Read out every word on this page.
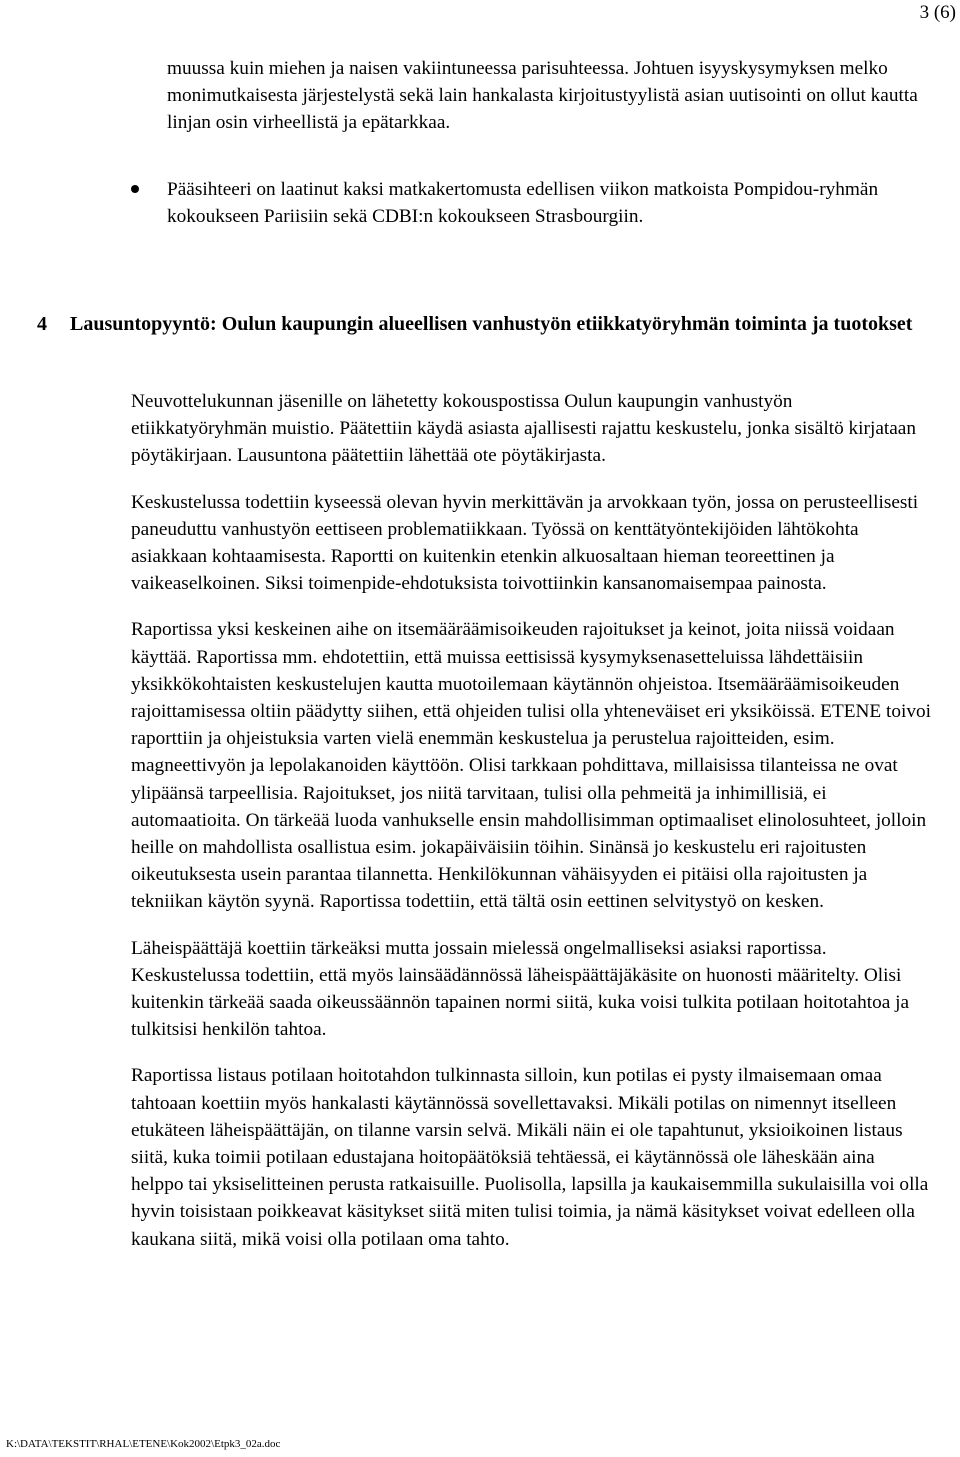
3 (6)

muussa kuin miehen ja naisen vakiintuneessa parisuhteessa. Johtuen isyyskysymyksen melko monimutkaisesta järjestelystä sekä lain hankalasta kirjoitustyylistä asian uutisointi on ollut kautta linjan osin virheellistä ja epätarkkaa.

Pääsihteeri on laatinut kaksi matkakertomusta edellisen viikon matkoista Pompidou-ryhmän kokoukseen Pariisiin sekä CDBI:n kokoukseen Strasbourgiin.

4 Lausuntopyyntö: Oulun kaupungin alueellisen vanhustyön etiikkatyöryhmän toiminta ja tuotokset

Neuvottelukunnan jäsenille on lähetetty kokouspostissa Oulun kaupungin vanhustyön etiikkatyöryhmän muistio. Päätettiin käydä asiasta ajallisesti rajattu keskustelu, jonka sisältö kirjataan pöytäkirjaan. Lausuntona päätettiin lähettää ote pöytäkirjasta.

Keskustelussa todettiin kyseessä olevan hyvin merkittävän ja arvokkaan työn, jossa on perusteellisesti paneuduttu vanhustyön eettiseen problematiikkaan. Työssä on kenttätyöntekijöiden lähtökohta asiakkaan kohtaamisesta. Raportti on kuitenkin etenkin alkuosaltaan hieman teoreettinen ja vaikeaselkoinen. Siksi toimenpide-ehdotuksista toivottiinkin kansanomaisempaa painosta.

Raportissa yksi keskeinen aihe on itsemääräämisoikeuden rajoitukset ja keinot, joita niissä voidaan käyttää. Raportissa mm. ehdotettiin, että muissa eettisissä kysymyksenasetteluissa lähdettäisiin yksikkökohtaisten keskustelujen kautta muotoilemaan käytännön ohjeistoa. Itsemääräämisoikeuden rajoittamisessa oltiin päädytty siihen, että ohjeiden tulisi olla yhteneväiset eri yksiköissä. ETENE toivoi raporttiin ja ohjeistuksia varten vielä enemmän keskustelua ja perustelua rajoitteiden, esim. magneettivyön ja lepolakanoiden käyttöön. Olisi tarkkaan pohdittava, millaisissa tilanteissa ne ovat ylipäänsä tarpeellisia. Rajoitukset, jos niitä tarvitaan, tulisi olla pehmeitä ja inhimillisiä, ei automaatioita. On tärkeää luoda vanhukselle ensin mahdollisimman optimaaliset elinolosuhteet, jolloin heille on mahdollista osallistua esim. jokapäiväisiin töihin. Sinänsä jo keskustelu eri rajoitusten oikeutuksesta usein parantaa tilannetta. Henkilökunnan vähäisyyden ei pitäisi olla rajoitusten ja tekniikan käytön syynä. Raportissa todettiin, että tältä osin eettinen selvitystyö on kesken.

Läheispäättäjä koettiin tärkeäksi mutta jossain mielessä ongelmalliseksi asiaksi raportissa. Keskustelussa todettiin, että myös lainsäädännössä läheispäättäjäkäsite on huonosti määritelty. Olisi kuitenkin tärkeää saada oikeussäännön tapainen normi siitä, kuka voisi tulkita potilaan hoitotahtoa ja tulkitsisi henkilön tahtoa.

Raportissa listaus potilaan hoitotahdon tulkinnasta silloin, kun potilas ei pysty ilmaisemaan omaa tahtoaan koettiin myös hankalasti käytännössä sovellettavaksi. Mikäli potilas on nimennyt itselleen etukäteen läheispäättäjän, on tilanne varsin selvä. Mikäli näin ei ole tapahtunut, yksioikoinen listaus siitä, kuka toimii potilaan edustajana hoitopäätöksiä tehtäessä, ei käytännössä ole läheskään aina helppo tai yksiselitteinen perusta ratkaisuille. Puolisolla, lapsilla ja kaukaisemmilla sukulaisilla voi olla hyvin toisistaan poikkeavat käsitykset siitä miten tulisi toimia, ja nämä käsitykset voivat edelleen olla kaukana siitä, mikä voisi olla potilaan oma tahto.

K:\DATA\TEKSTIT\RHAL\ETENE\Kok2002\Etpk3_02a.doc
